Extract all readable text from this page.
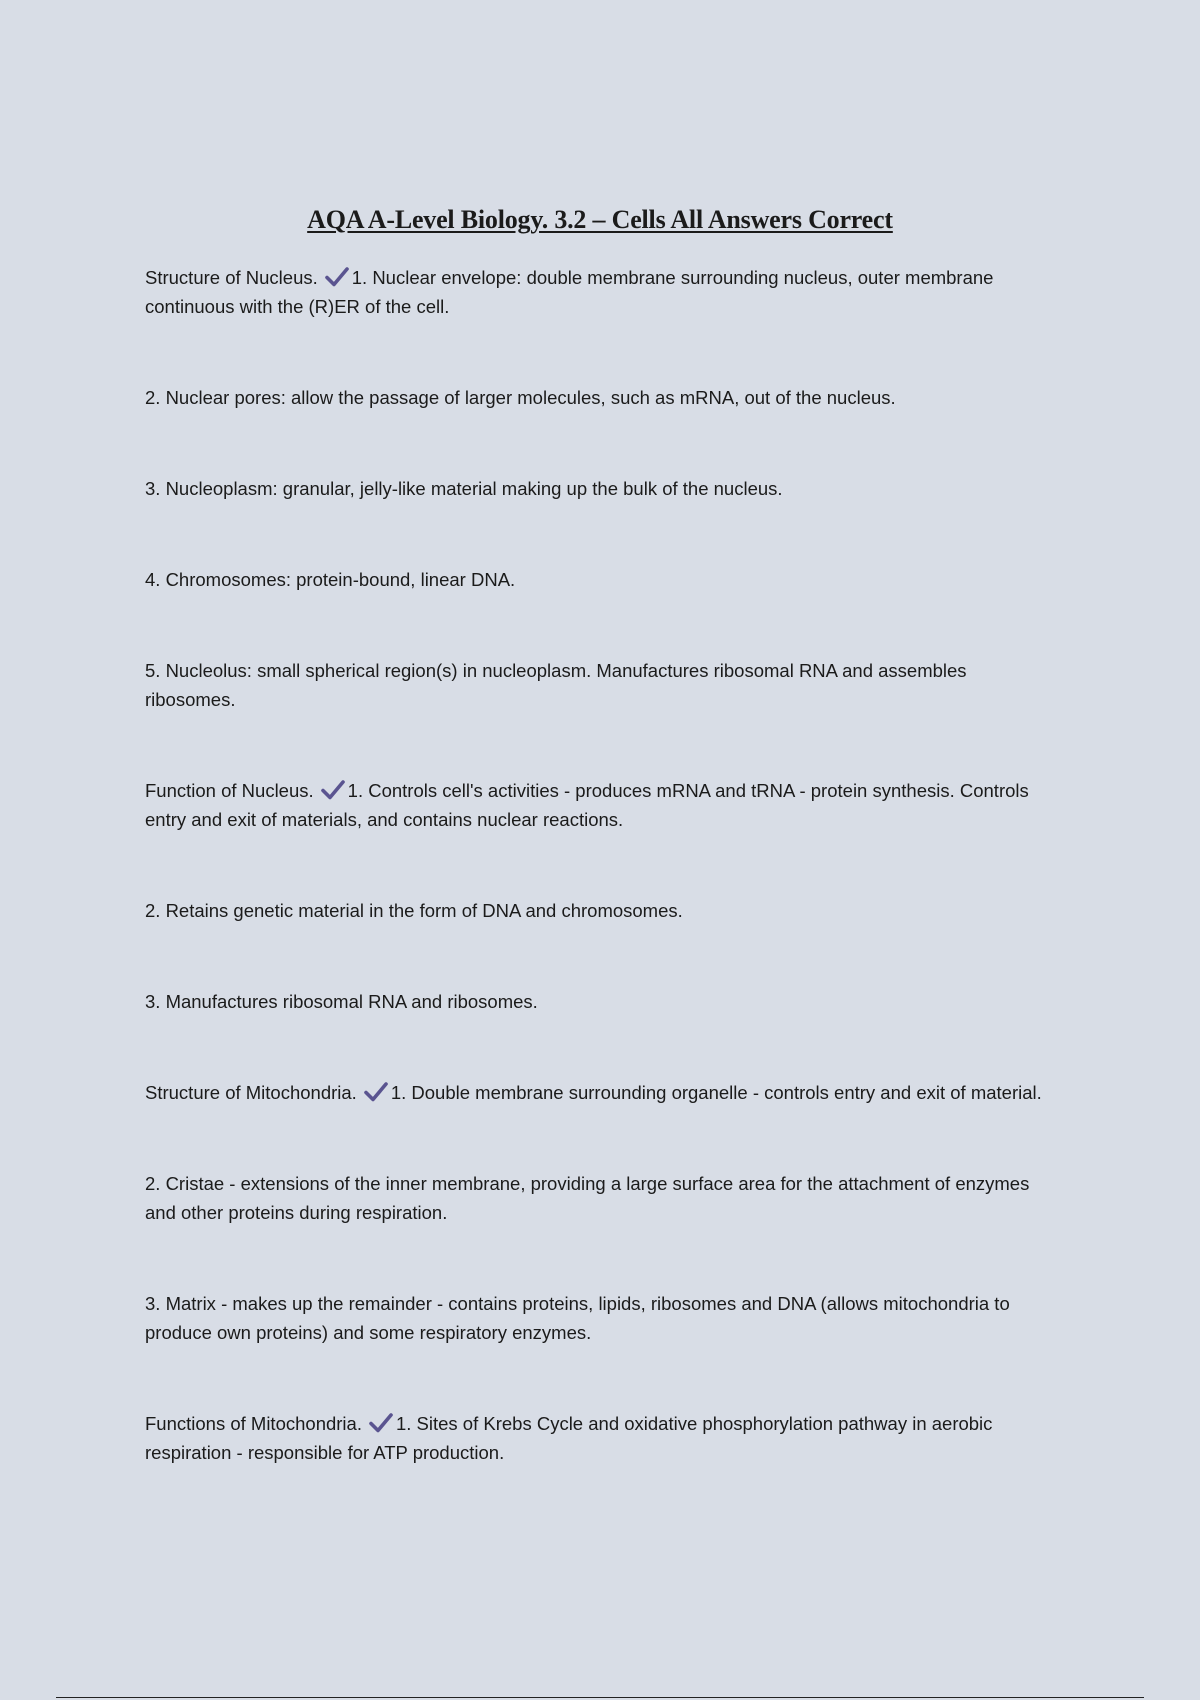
AQA A-Level Biology. 3.2 – Cells All Answers Correct

Structure of Nucleus. 1. Nuclear envelope: double membrane surrounding nucleus, outer membrane continuous with the (R)ER of the cell.

2. Nuclear pores: allow the passage of larger molecules, such as mRNA, out of the nucleus.

3. Nucleoplasm: granular, jelly-like material making up the bulk of the nucleus.

4. Chromosomes: protein-bound, linear DNA.

5. Nucleolus: small spherical region(s) in nucleoplasm. Manufactures ribosomal RNA and assembles ribosomes.

Function of Nucleus. 1. Controls cell's activities - produces mRNA and tRNA - protein synthesis. Controls entry and exit of materials, and contains nuclear reactions.

2. Retains genetic material in the form of DNA and chromosomes.

3. Manufactures ribosomal RNA and ribosomes.

Structure of Mitochondria. 1. Double membrane surrounding organelle - controls entry and exit of material.

2. Cristae - extensions of the inner membrane, providing a large surface area for the attachment of enzymes and other proteins during respiration.

3. Matrix - makes up the remainder - contains proteins, lipids, ribosomes and DNA (allows mitochondria to produce own proteins) and some respiratory enzymes.

Functions of Mitochondria. 1. Sites of Krebs Cycle and oxidative phosphorylation pathway in aerobic respiration - responsible for ATP production.
